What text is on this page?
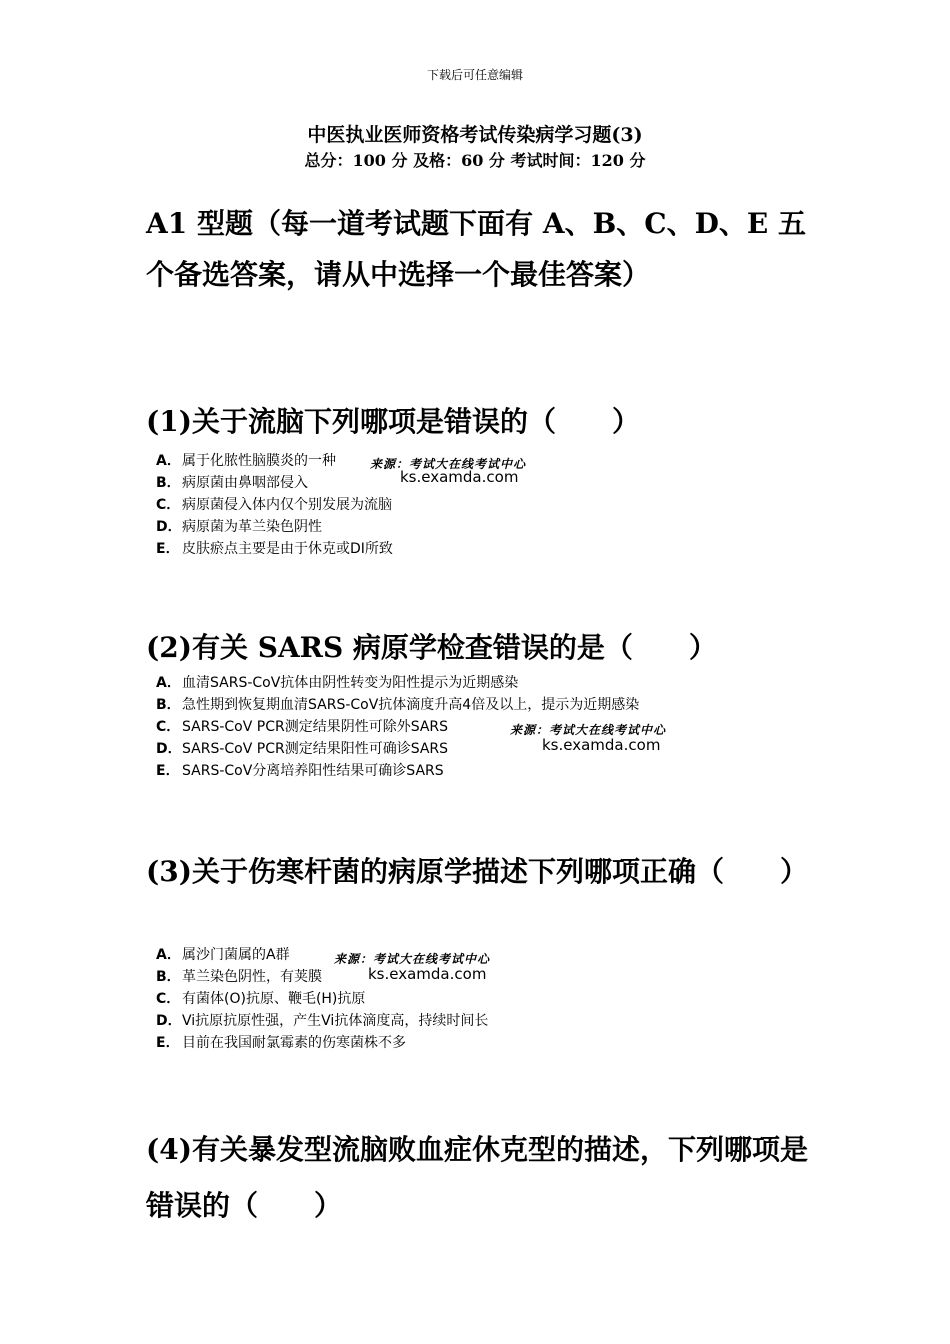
下载后可任意编辑
中医执业医师资格考试传染病学习题(3)
总分：100 分 及格：60 分 考试时间：120 分
A1 型题（每一道考试题下面有 A、B、C、D、E 五个备选答案，请从中选择一个最佳答案）
(1)关于流脑下列哪项是错误的（　　）
A．属于化脓性脑膜炎的一种
B．病原菌由鼻咽部侵入
C． 病原菌侵入体内仅个别发展为流脑
D．病原菌为革兰染色阴性
E． 皮肤瘀点主要是由于休克或DI所致
来源：考试大在线考试中心
ks.examda.com
(2)有关 SARS 病原学检查错误的是（　　）
A．血清SARS-CoV抗体由阴性转变为阳性提示为近期感染
B．急性期到恢复期血清SARS-CoV抗体滴度升高4倍及以上，提示为近期感染
C． SARS-CoV PCR测定结果阴性可除外SARS
D．SARS-CoV PCR测定结果阳性可确诊SARS
E． SARS-CoV分离培养阳性结果可确诊SARS
来源：考试大在线考试中心
ks.examda.com
(3)关于伤寒杆菌的病原学描述下列哪项正确（　　）
A．属沙门菌属的A群
B．革兰染色阴性，有荚膜
C． 有菌体(O)抗原、鞭毛(H)抗原
D．Vi抗原抗原性强，产生Vi抗体滴度高，持续时间长
E． 目前在我国耐氯霉素的伤寒菌株不多
来源：考试大在线考试中心
ks.examda.com
(4)有关暴发型流脑败血症休克型的描述，下列哪项是错误的（　　）
